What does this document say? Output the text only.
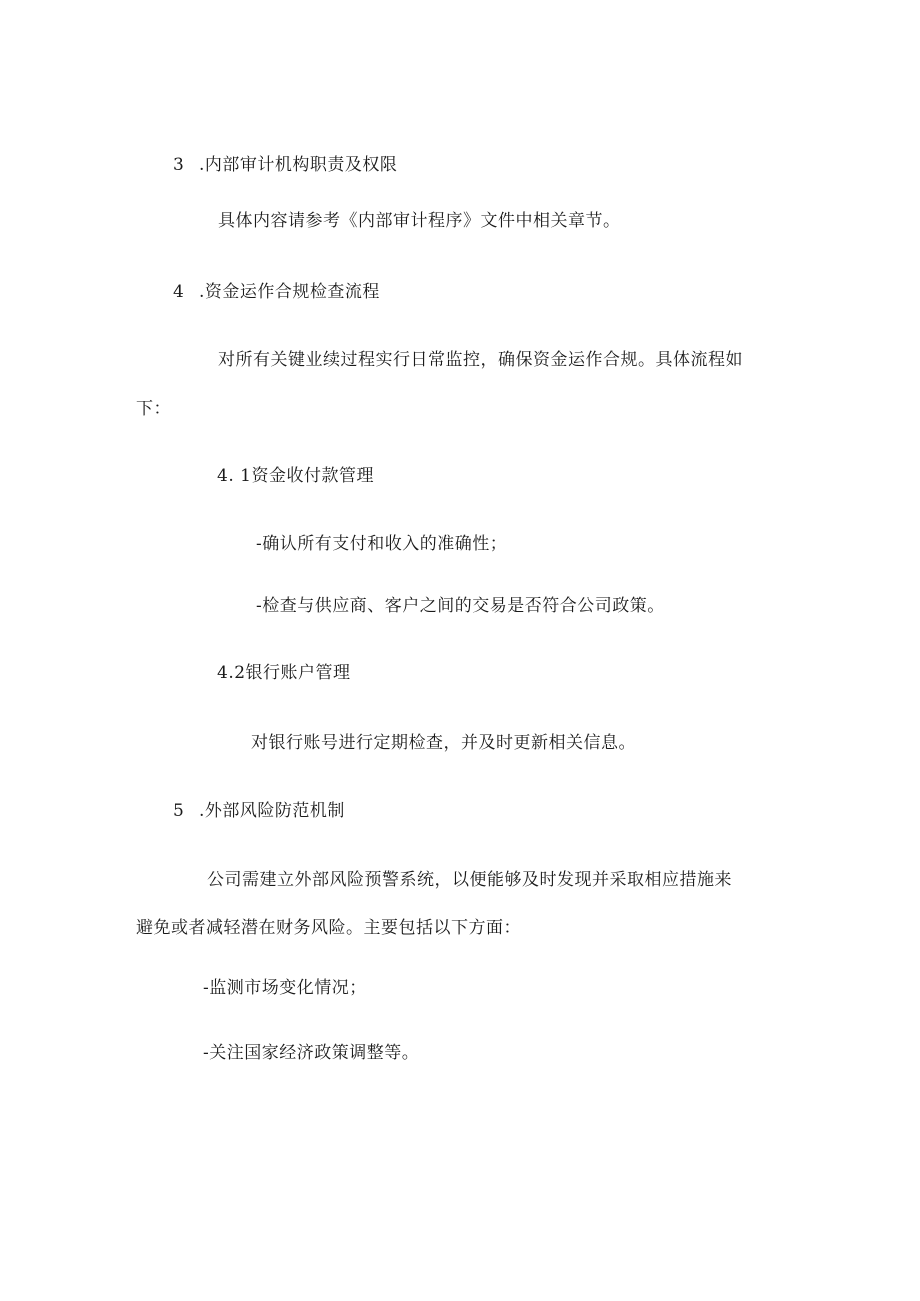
3 .内部审计机构职责及权限
具体内容请参考《内部审计程序》文件中相关章节。
4 .资金运作合规检查流程
对所有关键业续过程实行日常监控，确保资金运作合规。具体流程如
下：
4. 1资金收付款管理
-确认所有支付和收入的准确性；
-检查与供应商、客户之间的交易是否符合公司政策。
4.2银行账户管理
对银行账号进行定期检查，并及时更新相关信息。
5 .外部风险防范机制
公司需建立外部风险预警系统，以便能够及时发现并采取相应措施来
避免或者减轻潜在财务风险。主要包括以下方面：
-监测市场变化情况；
-关注国家经济政策调整等。
